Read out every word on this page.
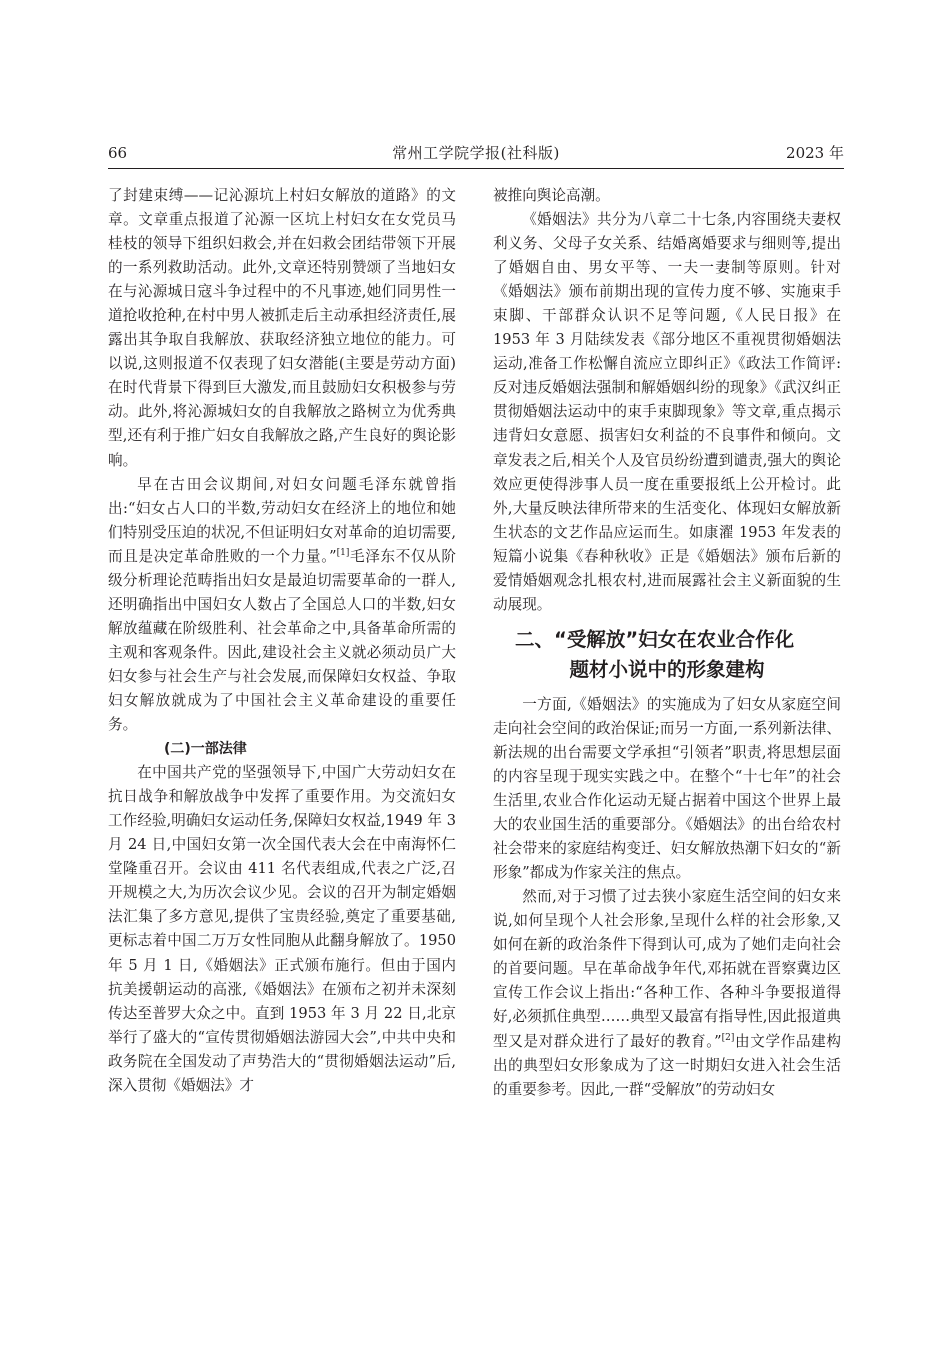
66	常州工学院学报(社科版)	2023 年

了封建束缚——记沁源坑上村妇女解放的道路》的文章。文章重点报道了沁源一区坑上村妇女在女党员马桂枝的领导下组织妇救会,并在妇救会团结带领下开展的一系列救助活动。此外,文章还特别赞颂了当地妇女在与沁源城日寇斗争过程中的不凡事迹,她们同男性一道抢收抢种,在村中男人被抓走后主动承担经济责任,展露出其争取自我解放、获取经济独立地位的能力。可以说,这则报道不仅表现了妇女潜能(主要是劳动方面)在时代背景下得到巨大激发,而且鼓励妇女积极参与劳动。此外,将沁源城妇女的自我解放之路树立为优秀典型,还有利于推广妇女自我解放之路,产生良好的舆论影响。

早在古田会议期间,对妇女问题毛泽东就曾指出:“妇女占人口的半数,劳动妇女在经济上的地位和她们特别受压迫的状况,不但证明妇女对革命的迫切需要,而且是决定革命胜败的一个力量。”[1]毛泽东不仅从阶级分析理论范畴指出妇女是最迫切需要革命的一群人,还明确指出中国妇女人数占了全国总人口的半数,妇女解放蕴藏在阶级胜利、社会革命之中,具备革命所需的主观和客观条件。因此,建设社会主义就必须动员广大妇女参与社会生产与社会发展,而保障妇女权益、争取妇女解放就成为了中国社会主义革命建设的重要任务。

(二)一部法律

在中国共产党的坚强领导下,中国广大劳动妇女在抗日战争和解放战争中发挥了重要作用。为交流妇女工作经验,明确妇女运动任务,保障妇女权益,1949 年 3 月 24 日,中国妇女第一次全国代表大会在中南海怀仁堂隆重召开。会议由 411 名代表组成,代表之广泛,召开规模之大,为历次会议少见。会议的召开为制定婚姻法汇集了多方意见,提供了宝贵经验,奠定了重要基础,更标志着中国二万万女性同胞从此翻身解放了。1950 年 5 月 1 日,《婚姻法》正式颁布施行。但由于国内抗美援朝运动的高涨,《婚姻法》在颁布之初并未深刻传达至普罗大众之中。直到 1953 年 3 月 22 日,北京举行了盛大的“宣传贯彻婚姻法游园大会”,中共中央和政务院在全国发动了声势浩大的“贯彻婚姻法运动”后,深入贯彻《婚姻法》才

被推向舆论高潮。

《婚姻法》共分为八章二十七条,内容围绕夫妻权利义务、父母子女关系、结婚离婚要求与细则等,提出了婚姻自由、男女平等、一夫一妻制等原则。针对《婚姻法》颁布前期出现的宣传力度不够、实施束手束脚、干部群众认识不足等问题,《人民日报》在 1953 年 3 月陆续发表《部分地区不重视贯彻婚姻法运动,准备工作松懈自流应立即纠正》《政法工作简评:反对违反婚姻法强制和解婚姻纠纷的现象》《武汉纠正贯彻婚姻法运动中的束手束脚现象》等文章,重点揭示违背妇女意愿、损害妇女利益的不良事件和倾向。文章发表之后,相关个人及官员纷纷遭到谴责,强大的舆论效应更使得涉事人员一度在重要报纸上公开检讨。此外,大量反映法律所带来的生活变化、体现妇女解放新生状态的文艺作品应运而生。如康濯 1953 年发表的短篇小说集《春种秋收》正是《婚姻法》颁布后新的爱情婚姻观念扎根农村,进而展露社会主义新面貌的生动展现。

二、“受解放”妇女在农业合作化
题材小说中的形象建构

一方面,《婚姻法》的实施成为了妇女从家庭空间走向社会空间的政治保证;而另一方面,一系列新法律、新法规的出台需要文学承担“引领者”职责,将思想层面的内容呈现于现实实践之中。在整个“十七年”的社会生活里,农业合作化运动无疑占据着中国这个世界上最大的农业国生活的重要部分。《婚姻法》的出台给农村社会带来的家庭结构变迁、妇女解放热潮下妇女的“新形象”都成为作家关注的焦点。

然而,对于习惯了过去狭小家庭生活空间的妇女来说,如何呈现个人社会形象,呈现什么样的社会形象,又如何在新的政治条件下得到认可,成为了她们走向社会的首要问题。早在革命战争年代,邓拓就在晋察冀边区宣传工作会议上指出:“各种工作、各种斗争要报道得好,必须抓住典型……典型又最富有指导性,因此报道典型又是对群众进行了最好的教育。”[2]由文学作品建构出的典型妇女形象成为了这一时期妇女进入社会生活的重要参考。因此,一群“受解放”的劳动妇女
